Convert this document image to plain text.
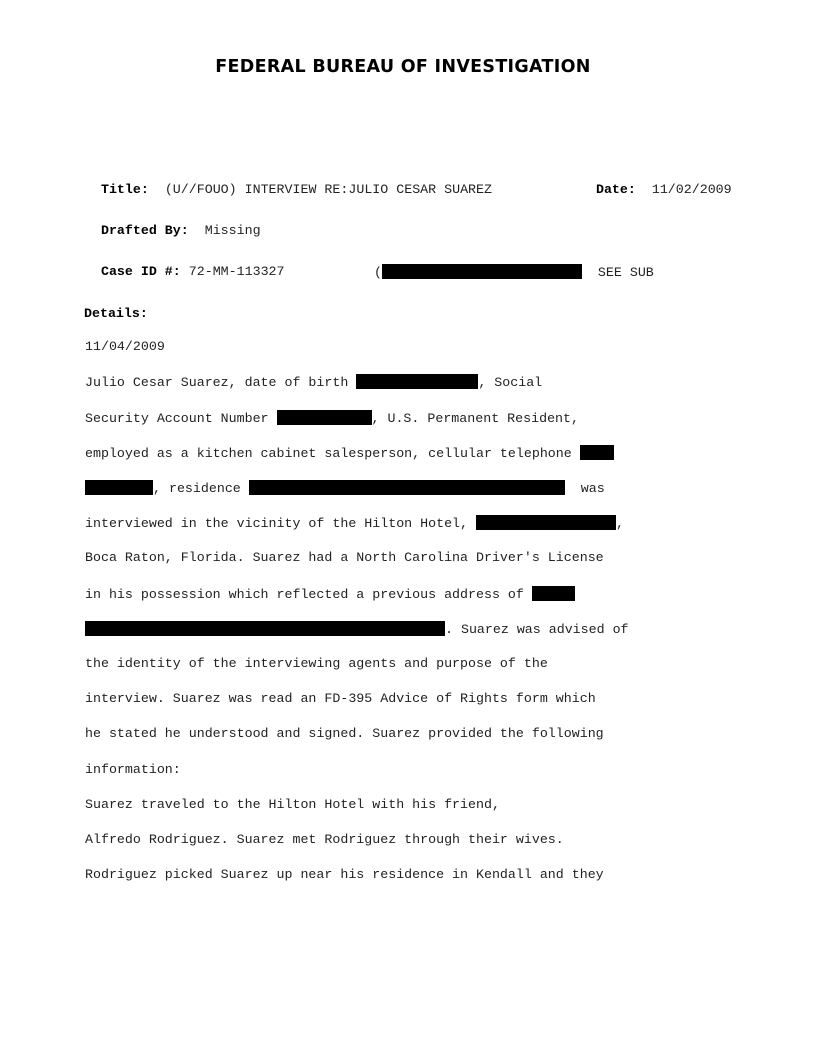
FEDERAL BUREAU OF INVESTIGATION

Title: (U//FOUO) INTERVIEW RE:JULIO CESAR SUAREZ	Date: 11/02/2009

Drafted By: Missing

Case ID #: 72-MM-113327	(	SEE SUB

Details:
11/04/2009
Julio Cesar Suarez, date of birth	, Social
Security Account Number	, U.S. Permanent Resident,
employed as a kitchen cabinet salesperson, cellular telephone
, residence	was
interviewed in the vicinity of the Hilton Hotel,	,
Boca Raton, Florida. Suarez had a North Carolina Driver's License
in his possession which reflected a previous address of
. Suarez was advised of
the identity of the interviewing agents and purpose of the
interview. Suarez was read an FD-395 Advice of Rights form which
he stated he understood and signed. Suarez provided the following
information:
Suarez traveled to the Hilton Hotel with his friend,
Alfredo Rodriguez. Suarez met Rodriguez through their wives.
Rodriguez picked Suarez up near his residence in Kendall and they
